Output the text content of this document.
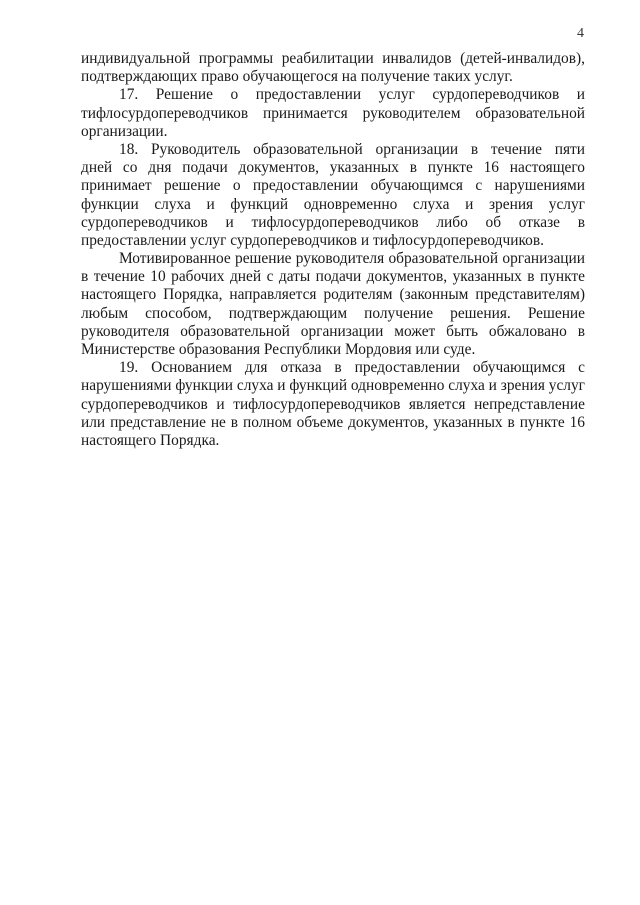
4
индивидуальной программы реабилитации инвалидов (детей-инвалидов),
подтверждающих право обучающегося на получение таких услуг.
17. Решение о предоставлении услуг сурдопереводчиков и
тифлосурдопереводчиков принимается руководителем образовательной
организации.
18. Руководитель образовательной организации в течение пяти
дней со дня подачи документов, указанных в пункте 16 настоящего
принимает решение о предоставлении обучающимся с нарушениями
функции слуха и функций одновременно слуха и зрения услуг
сурдопереводчиков и тифлосурдопереводчиков либо об отказе в
предоставлении услуг сурдопереводчиков и тифлосурдопереводчиков.
Мотивированное решение руководителя образовательной организации
в течение 10 рабочих дней с даты подачи документов, указанных в пункте
настоящего Порядка, направляется родителям (законным представителям)
любым способом, подтверждающим получение решения. Решение
руководителя образовательной организации может быть обжаловано в
Министерстве образования Республики Мордовия или суде.
19. Основанием для отказа в предоставлении обучающимся с
нарушениями функции слуха и функций одновременно слуха и зрения услуг
сурдопереводчиков и тифлосурдопереводчиков является непредставление
или представление не в полном объеме документов, указанных в пункте 16
настоящего Порядка.
